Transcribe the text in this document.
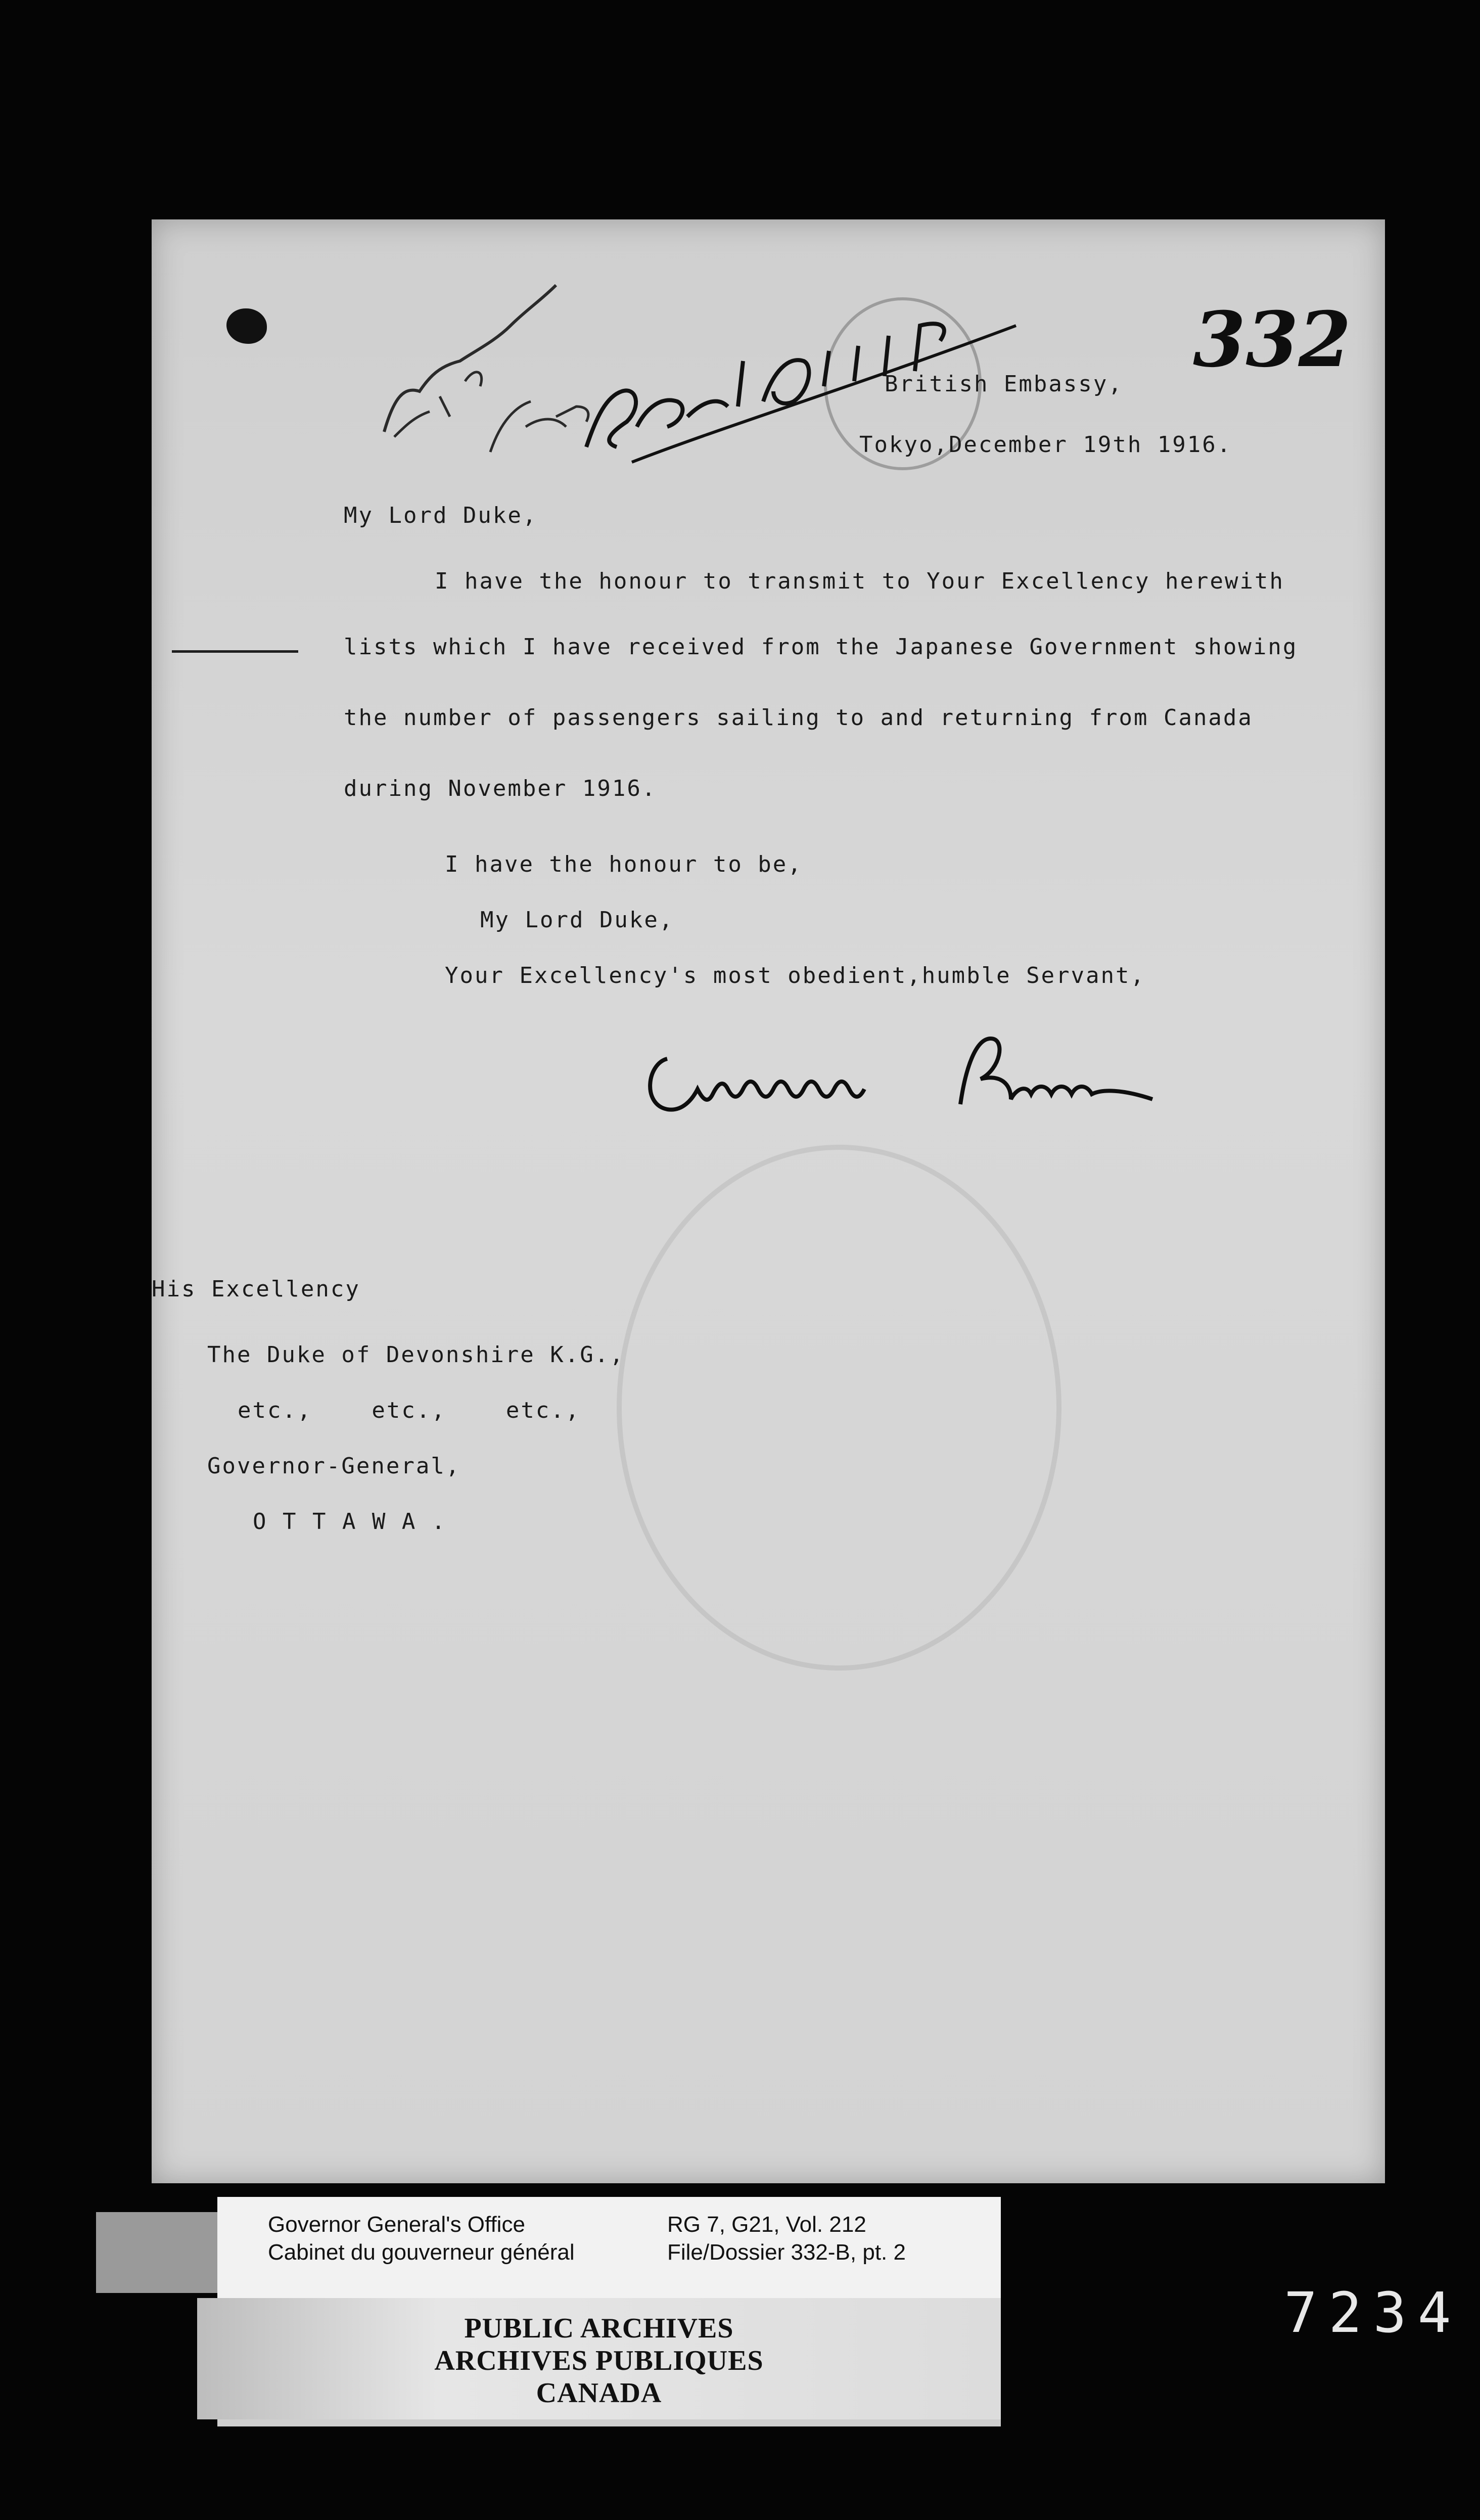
332
British Embassy,
Tokyo,December 19th 1916.
My Lord Duke,
I have the honour to transmit to Your Excellency herewith
lists which I have received from the Japanese Government showing
the number of passengers sailing to and returning from Canada
during November 1916.
I have the honour to be,
My Lord Duke,
Your Excellency's most obedient,humble Servant,
His Excellency
The Duke of Devonshire K.G.,
etc.,    etc.,    etc.,
Governor-General,
O T T A W A .
Governor General's Office
Cabinet du gouverneur général
RG 7, G21, Vol. 212
File/Dossier 332-B, pt. 2
PUBLIC ARCHIVES
ARCHIVES PUBLIQUES
CANADA
7234
